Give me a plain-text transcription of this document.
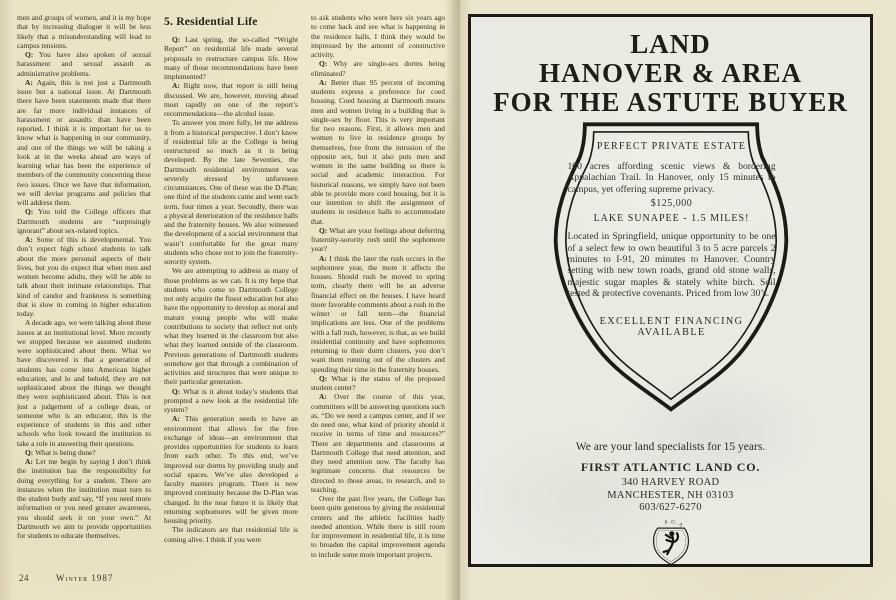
men and groups of women, and it is my hope that by increasing dialogue it will be less likely that a misunderstanding will lead to campus tensions.

Q: You have also spoken of sexual harassment and sexual assault as administrative problems.

A: Again, this is not just a Dartmouth issue but a national issue. At Dartmouth there have been statements made that there are far more individual instances of harassment or assaults than have been reported. I think it is important for us to know what is happening in our community, and one of the things we will be taking a look at in the weeks ahead are ways of learning what has been the experience of members of the community concerning these two issues. Once we have that information, we will devise programs and policies that will address them.

Q: You told the College officers that Dartmouth students are “surprisingly ignorant” about sex-related topics.

A: Some of this is developmental. You don’t expect high school students to talk about the more personal aspects of their lives, but you do expect that when men and women become adults, they will be able to talk about their intimate relationships. That kind of candor and frankness is something that is slow in coming in higher education today.

A decade ago, we were talking about these issues at an institutional level. More recently we stopped because we assumed students were sophisticated about them. What we have discovered is that a generation of students has come into American higher education, and lo and behold, they are not sophisticated about the things we thought they were sophisticated about. This is not just a judgement of a college dean, or someone who is an educator, this is the experience of students in this and other schools who look toward the institution to take a role in answering their questions.

Q: What is being done?

A: Let me begin by saying I don’t think the institution has the responsibility for doing everything for a student. There are instances when the institution must turn to the student body and say, “If you need more information or you need greater awareness, you should seek it on your own.” At Dartmouth we aim to provide opportunities for students to educate themselves.

5. Residential Life

Q: Last spring, the so-called “Wright Report” on residential life made several proposals to restructure campus life. How many of those recommendations have been implemented?

A: Right now, that report is still being discussed. We are, however, moving ahead most rapidly on one of the report’s recommendations—the alcohol issue.

To answer you more fully, let me address it from a historical perspective. I don’t know if residential life at the College is being restructured so much as it is being developed. By the late Seventies, the Dartmouth residential environment was severely stressed by unforeseen circumstances. One of these was the D-Plan; one third of the students came and went each term, four times a year. Secondly, there was a physical deterioration of the residence halls and the fraternity houses. We also witnessed the development of a social environment that wasn’t comfortable for the great many students who chose not to join the fraternity-sorority system.

We are attempting to address as many of those problems as we can. It is my hope that students who come to Dartmouth College not only acquire the finest education but also have the opportunity to develop as moral and mature young people who will make contributions to society that reflect not only what they learned in the classroom but also what they learned outside of the classroom. Previous generations of Dartmouth students somehow got that through a combination of activities and structures that were unique to their particular generation.

Q: What is it about today’s students that prompted a new look at the residential life system?

A: This generation needs to have an environment that allows for the free exchange of ideas—an environment that provides opportunities for students to learn from each other. To this end, we’ve improved our dorms by providing study and social spaces. We’ve also developed a faculty masters program. There is now improved continuity because the D-Plan was changed. In the near future it is likely that returning sophomores will be given more housing priority.

The indicators are that residential life is coming alive. I think if you were

to ask students who were here six years ago to come back and see what is happening in the residence halls, I think they would be impressed by the amount of constructive activity.

Q: Why are single-sex dorms being eliminated?

A: Better than 95 percent of incoming students express a preference for coed housing. Coed housing at Dartmouth means men and women living in a building that is single-sex by floor. This is very important for two reasons. First, it allows men and women to live in residence groups by themselves, free from the intrusion of the opposite sex, but it also puts men and women in the same building so there is social and academic interaction. For historical reasons, we simply have not been able to provide more coed housing, but it is our intention to shift the assignment of students in residence halls to accommodate that.

Q: What are your feelings about deferring fraternity-sorority rush until the sophomore year?

A: I think the later the rush occurs in the sophomore year, the more it affects the houses. Should rush be moved to spring term, clearly there will be an adverse financial effect on the houses. I have heard more favorable comments about a rush in the winter or fall term—the financial implications are less. One of the problems with a fall rush, however, is that, as we build residential continuity and have sophomores returning to their dorm clusters, you don’t want them running out of the clusters and spending their time in the fraternity houses.

Q: What is the status of the proposed student center?

A: Over the course of this year, committees will be answering questions such as, “Do we need a campus center, and if we do need one, what kind of priority should it receive in terms of time and resources?” There are departments and classrooms at Dartmouth College that need attention, and they need attention now. The faculty has legitimate concerns that resources be directed to those areas, to research, and to teaching.

Over the past five years, the College has been quite generous by giving the residential centers and the athletic facilities badly needed attention. While there is still room for improvement in residential life, it is time to broaden the capital improvement agenda to include some more important projects.

24	Winter 1987
LAND
HANOVER & AREA
FOR THE ASTUTE BUYER
PERFECT PRIVATE ESTATE

100 acres affording scenic views & bordering Appalachian Trail. In Hanover, only 15 minutes to campus, yet offering supreme privacy.

$125,000
LAKE SUNAPEE - 1.5 MILES!

Located in Springfield, unique opportunity to be one of a select few to own beautiful 3 to 5 acre parcels 2 minutes to I-91, 20 minutes to Hanover. Country setting with new town roads, grand old stone walls, majestic sugar maples & stately white birch. Soil tested & protective covenants. Priced from low 30’s.

EXCELLENT FINANCING AVAILABLE

We are your land specialists for 15 years.

FIRST ATLANTIC LAND CO.
340 HARVEY ROAD
MANCHESTER, NH 03103
603/627-6270
P.G.A.
